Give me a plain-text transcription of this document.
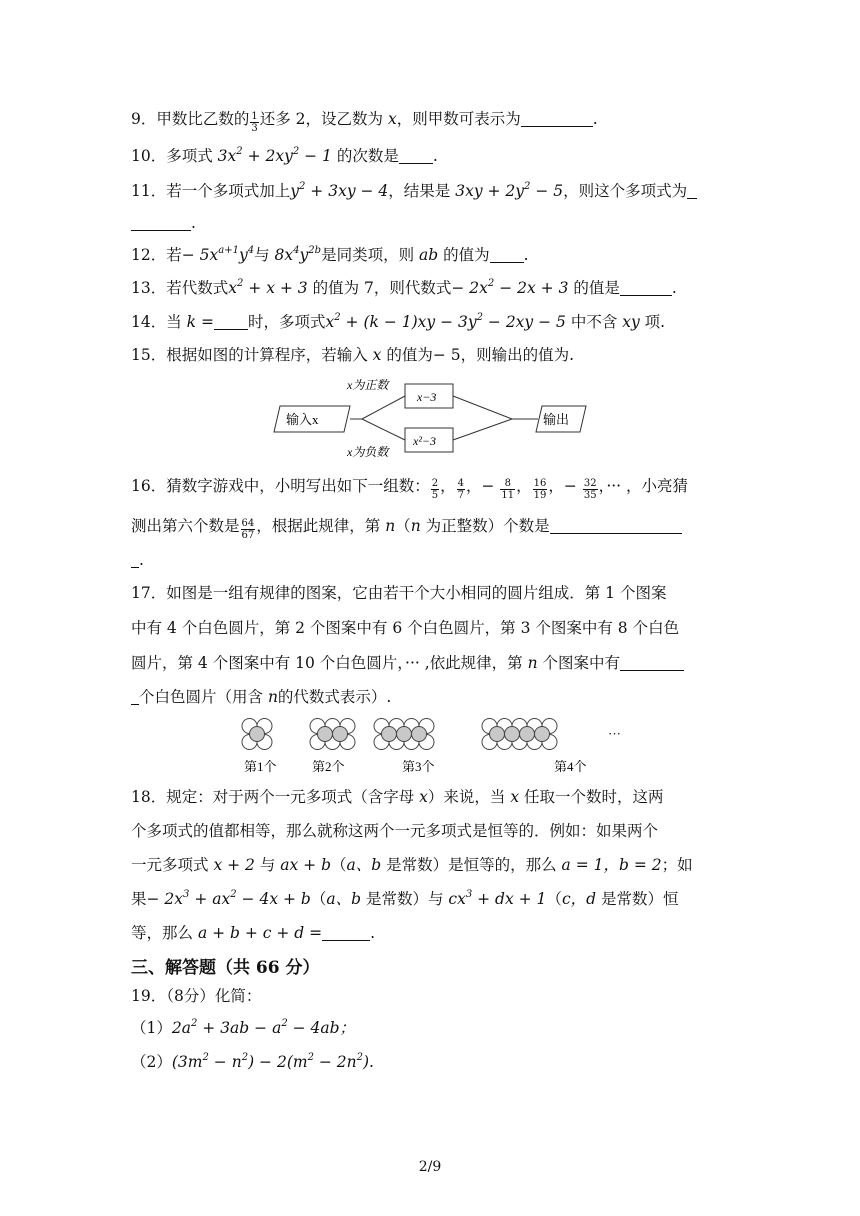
9．甲数比乙数的 $\frac{1}{3}$ 还多 2，设乙数为 x，则甲数可表示为	.
10．多项式 $3x^2 + 2xy^2 - 1$ 的次数是 .
11．若一个多项式加上$y^2 + 3xy - 4$，结果是 $3xy + 2y^2 - 5$，则这个多项式为
.
12．若− $5x^{a+1}y^4$与 $8x^4y^{2b}$是同类项，则 ab 的值为 .
13．若代数式$x^2 + x + 3$ 的值为 7，则代数式− $2x^2 - 2x + 3$ 的值是	.
14．当 k = 时，多项式$x^2 + (k - 1)xy - 3y^2 - 2xy - 5$ 中不含 xy 项.
15．根据如图的计算程序，若输入 x 的值为− 5，则输出的值为.
输入x
x为正数
x为负数
x−3
x²−3
输出
16．猜数字游戏中，小明写出如下一组数： $\frac{2}{5}$ ， $\frac{4}{7}$ ，− $\frac{8}{11}$ ， $\frac{16}{19}$ ，− $\frac{32}{35}$ ，··· ，小亮猜
测出第六个数是 $\frac{64}{67}$ ，根据此规律，第 n（n 为正整数）个数是
.
17．如图是一组有规律的图案，它由若干个大小相同的圆片组成．第 1 个图案
中有 4 个白色圆片，第 2 个图案中有 6 个白色圆片，第 3 个图案中有 8 个白色
圆片，第 4 个图案中有 10 个白色圆片，··· ,依此规律，第 n 个图案中有
个白色圆片（用含 n的代数式表示）.
···
第1个	第2个	第3个	第4个
18．规定：对于两个一元多项式（含字母 x）来说，当 x 任取一个数时，这两
个多项式的值都相等，那么就称这两个一元多项式是恒等的．例如：如果两个
一元多项式 x + 2 与 ax + b（a、b 是常数）是恒等的，那么 a = 1，b = 2；如
果− $2x^3 + ax^2 - 4x + b(a$、b 是常数）与 $cx^3$ + dx + 1（c，d 是常数）恒
等，那么 a + b + c + d =	.
三、解答题（共 66 分）
19．（8分）化简：
$(1)2a^2 + 3ab - a^2 - 4ab$；
$(2)(3m^2 - n^2) - 2(m^2 - 2n^2)$.
2/9
